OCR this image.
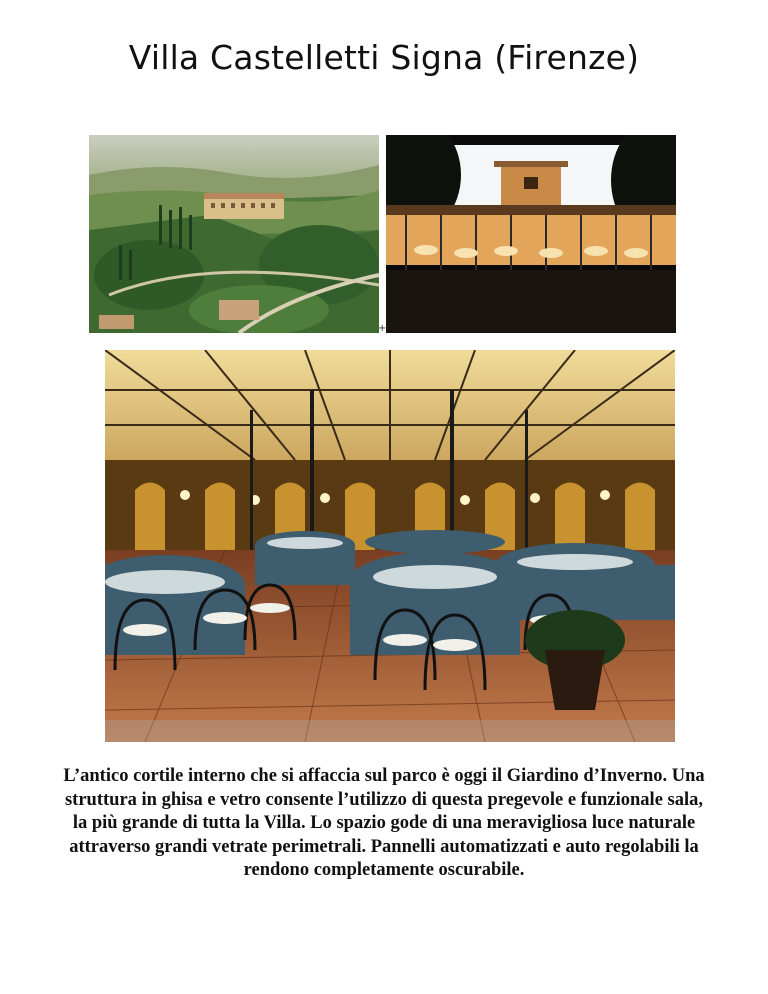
Villa Castelletti Signa (Firenze)
+
L’antico cortile interno che si affaccia sul parco è oggi il Giardino d’Inverno. Una struttura in ghisa e vetro consente l’utilizzo di questa pregevole e funzionale sala, la più grande di tutta la Villa. Lo spazio gode di una meravigliosa luce naturale attraverso grandi vetrate perimetrali. Pannelli automatizzati e auto regolabili la rendono completamente oscurabile.
